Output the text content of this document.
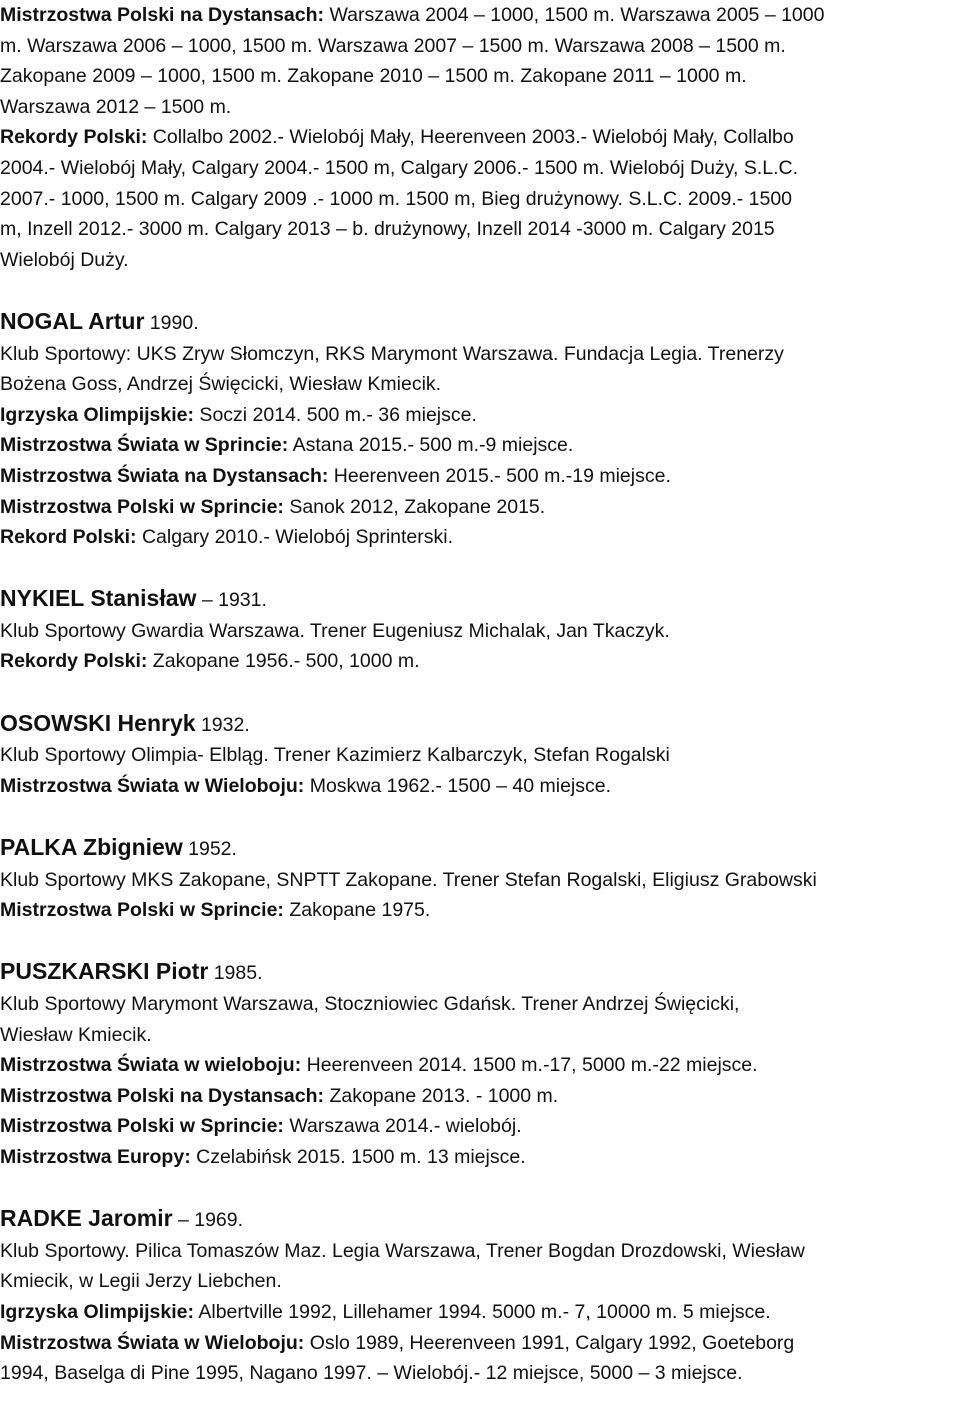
Mistrzostwa Polski na Dystansach: Warszawa 2004 – 1000, 1500 m. Warszawa 2005 – 1000

m. Warszawa 2006 – 1000, 1500 m. Warszawa 2007 – 1500 m. Warszawa 2008 – 1500 m.

Zakopane 2009 – 1000, 1500 m. Zakopane 2010 – 1500 m. Zakopane 2011 – 1000 m.

Warszawa 2012 – 1500 m.

Rekordy Polski: Collalbo 2002.- Wielobój Mały, Heerenveen 2003.- Wielobój Mały, Collalbo

2004.- Wielobój Mały, Calgary 2004.- 1500 m, Calgary 2006.- 1500 m. Wielobój Duży, S.L.C.

2007.- 1000, 1500 m. Calgary 2009 .- 1000 m. 1500 m, Bieg drużynowy. S.L.C. 2009.- 1500

m, Inzell 2012.- 3000 m. Calgary 2013 – b. drużynowy, Inzell 2014 -3000 m. Calgary 2015

Wielobój Duży.

NOGAL Artur 1990.

Klub Sportowy: UKS Zryw Słomczyn, RKS Marymont Warszawa. Fundacja Legia. Trenerzy

Bożena Goss, Andrzej Święcicki, Wiesław Kmiecik.

Igrzyska Olimpijskie: Soczi 2014. 500 m.- 36 miejsce.

Mistrzostwa Świata w Sprincie: Astana 2015.- 500 m.-9 miejsce.

Mistrzostwa Świata na Dystansach: Heerenveen 2015.- 500 m.-19 miejsce.

Mistrzostwa Polski w Sprincie: Sanok 2012, Zakopane 2015.

Rekord Polski: Calgary 2010.- Wielobój Sprinterski.

NYKIEL Stanisław – 1931.

Klub Sportowy Gwardia Warszawa. Trener Eugeniusz Michalak, Jan Tkaczyk.

Rekordy Polski: Zakopane 1956.- 500, 1000 m.

OSOWSKI Henryk 1932.

Klub Sportowy Olimpia- Elbląg. Trener Kazimierz Kalbarczyk, Stefan Rogalski

Mistrzostwa Świata w Wieloboju: Moskwa 1962.- 1500 – 40 miejsce.

PALKA Zbigniew 1952.

Klub Sportowy MKS Zakopane, SNPTT Zakopane. Trener Stefan Rogalski, Eligiusz Grabowski

Mistrzostwa Polski w Sprincie: Zakopane 1975.

PUSZKARSKI Piotr 1985.

Klub Sportowy Marymont Warszawa, Stoczniowiec Gdańsk. Trener Andrzej Święcicki,

Wiesław Kmiecik.

Mistrzostwa Świata w wieloboju: Heerenveen 2014. 1500 m.-17, 5000 m.-22 miejsce.

Mistrzostwa Polski na Dystansach: Zakopane 2013. - 1000 m.

Mistrzostwa Polski w Sprincie: Warszawa 2014.- wielobój.

Mistrzostwa Europy: Czelabińsk 2015. 1500 m. 13 miejsce.

RADKE Jaromir – 1969.

Klub Sportowy. Pilica Tomaszów Maz. Legia Warszawa, Trener Bogdan Drozdowski, Wiesław

Kmiecik, w Legii Jerzy Liebchen.

Igrzyska Olimpijskie: Albertville 1992, Lillehamer 1994. 5000 m.- 7, 10000 m. 5 miejsce.

Mistrzostwa Świata w Wieloboju: Oslo 1989, Heerenveen 1991, Calgary 1992, Goeteborg

1994, Baselga di Pine 1995, Nagano 1997. – Wielobój.- 12 miejsce, 5000 – 3 miejsce.
